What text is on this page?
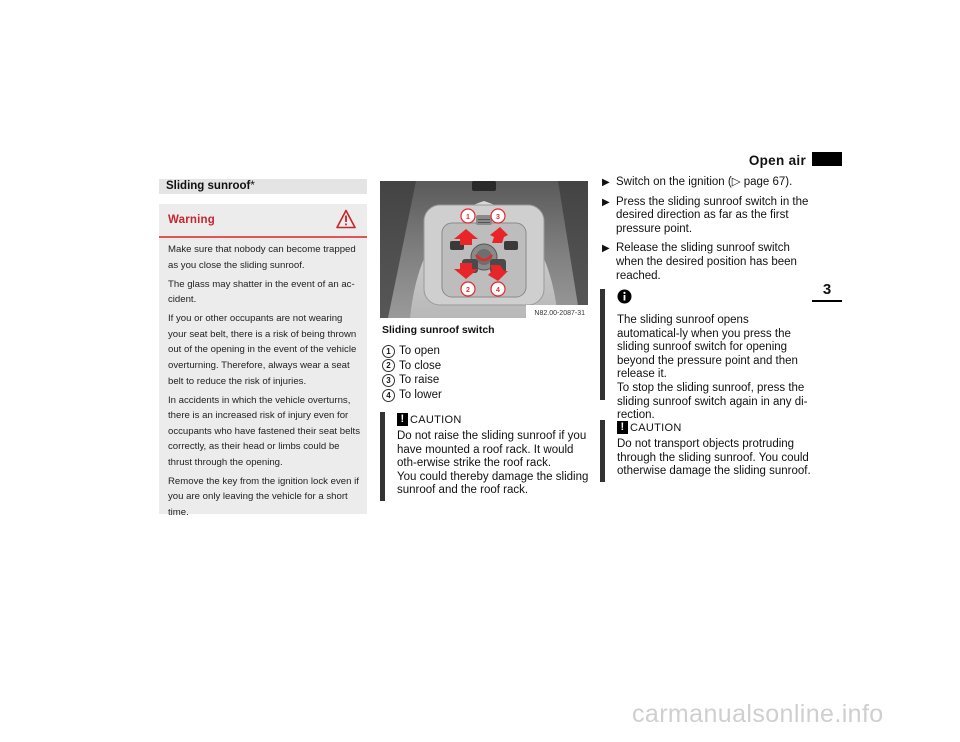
Open air
3
Sliding sunroof*
Warning

Make sure that nobody can become trapped as you close the sliding sunroof.

The glass may shatter in the event of an ac-cident.

If you or other occupants are not wearing your seat belt, there is a risk of being thrown out of the opening in the event of the vehicle overturning. Therefore, always wear a seat belt to reduce the risk of injuries.

In accidents in which the vehicle overturns, there is an increased risk of injury even for occupants who have fastened their seat belts correctly, as their head or limbs could be thrust through the opening.

Remove the key from the ignition lock even if you are only leaving the vehicle for a short time.

1	3
2	4
N82.00-2087-31
Sliding sunroof switch
1 To open
2 To close
3 To raise
4 To lower
! CAUTION
Do not raise the sliding sunroof if you have mounted a roof rack. It would oth-erwise strike the roof rack.
You could thereby damage the sliding sunroof and the roof rack.
▶ Switch on the ignition (▷ page 67).
▶ Press the sliding sunroof switch in the desired direction as far as the first pressure point.
▶ Release the sliding sunroof switch when the desired position has been reached.
The sliding sunroof opens automatical-ly when you press the sliding sunroof switch for opening beyond the pressure point and then release it.
To stop the sliding sunroof, press the sliding sunroof switch again in any di-rection.
! CAUTION
Do not transport objects protruding through the sliding sunroof. You could otherwise damage the sliding sunroof.
carmanualsonline.info
